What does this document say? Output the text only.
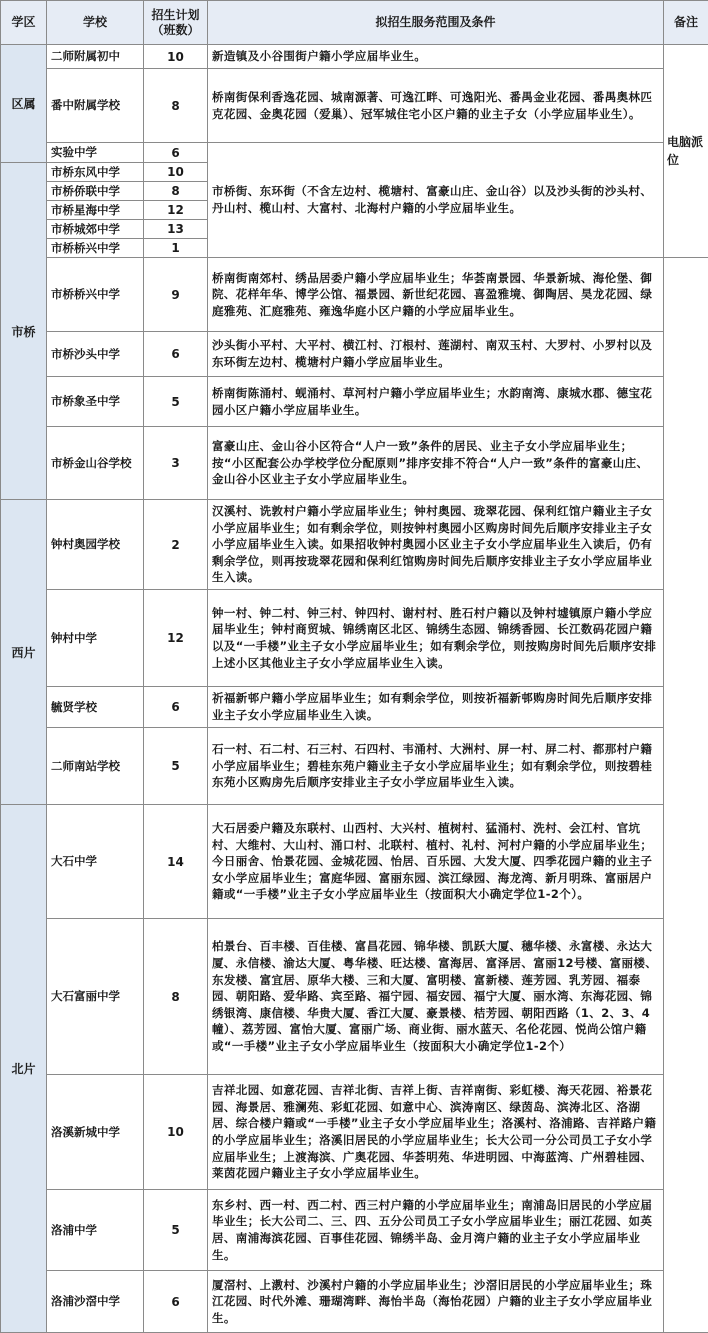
学区	学校	招生计划（班数）	拟招生服务范围及条件	备注
区属	二师附属初中	10	新造镇及小谷围街户籍小学应届毕业生。	电脑派位
	番中附属学校	8	桥南街保利香逸花园、城南源著、可逸江畔、可逸阳光、番禺金业花园、番禺奥林匹克花园、金奥花园（爱巢）、冠军城住宅小区户籍的业主子女（小学应届毕业生）。	
	实验中学	6	市桥街、东环街（不含左边村、榄塘村、富豪山庄、金山谷）以及沙头街的沙头村、丹山村、榄山村、大富村、北海村户籍的小学应届毕业生。	
市桥	市桥东风中学	10		
	市桥侨联中学	8		
	市桥星海中学	12		
	市桥城郊中学	13		
	市桥桥兴中学	1		
	市桥桥兴中学	9	桥南街南郊村、绣品居委户籍小学应届毕业生；华荟南景园、华景新城、海伦堡、御院、花样年华、博学公馆、福景园、新世纪花园、喜盈雅境、御陶居、昊龙花园、绿庭雅苑、汇庭雅苑、雍逸华庭小区户籍的小学应届毕业生。	
	市桥沙头中学	6	沙头街小平村、大平村、横江村、汀根村、莲湖村、南双玉村、大罗村、小罗村以及东环街左边村、榄塘村户籍小学应届毕业生。	
	市桥象圣中学	5	桥南街陈涌村、蚬涌村、草河村户籍小学应届毕业生；水韵南湾、康城水郡、德宝花园小区户籍小学应届毕业生。	
	市桥金山谷学校	3	富豪山庄、金山谷小区符合“人户一致”条件的居民、业主子女小学应届毕业生；按“小区配套公办学校学位分配原则”排序安排不符合“人户一致”条件的富豪山庄、金山谷小区业主子女小学应届毕业生。	
西片	钟村奥园学校	2	汉溪村、诜敦村户籍小学应届毕业生；钟村奥园、珑翠花园、保利红馆户籍业主子女小学应届毕业生；如有剩余学位，则按钟村奥园小区购房时间先后顺序安排业主子女小学应届毕业生入读。如果招收钟村奥园小区业主子女小学应届毕业生入读后，仍有剩余学位，则再按珑翠花园和保利红馆购房时间先后顺序安排业主子女小学应届毕业生入读。	
	钟村中学	12	钟一村、钟二村、钟三村、钟四村、谢村村、胜石村户籍以及钟村墟镇原户籍小学应届毕业生；钟村商贸城、锦绣南区北区、锦绣生态园、锦绣香园、长江数码花园户籍以及“一手楼”业主子女小学应届毕业生；如有剩余学位，则按购房时间先后顺序安排上述小区其他业主子女小学应届毕业生入读。	
	毓贤学校	6	祈福新邨户籍小学应届毕业生；如有剩余学位，则按祈福新邨购房时间先后顺序安排业主子女小学应届毕业生入读。	
	二师南站学校	5	石一村、石二村、石三村、石四村、韦涌村、大洲村、屏一村、屏二村、都那村户籍小学应届毕业生；碧桂东苑户籍业主子女小学应届毕业生；如有剩余学位，则按碧桂东苑小区购房先后顺序安排业主子女小学应届毕业生入读。	
北片	大石中学	14	大石居委户籍及东联村、山西村、大兴村、植树村、猛涌村、洗村、会江村、官坑村、大维村、大山村、涌口村、北联村、植村、礼村、河村户籍的小学应届毕业生；今日丽舍、怡景花园、金城花园、怡居、百乐园、大发大厦、四季花园户籍的业主子女小学应届毕业生；富庭华园、富丽东园、滨江绿园、海龙湾、新月明珠、富丽居户籍或“一手楼”业主子女小学应届毕业生（按面积大小确定学位1-2个）。	
	大石富丽中学	8	柏景台、百丰楼、百佳楼、富昌花园、锦华楼、凯跃大厦、穗华楼、永富楼、永达大厦、永信楼、渝达大厦、粤华楼、旺达楼、富海居、富泽居、富丽12号楼、富丽楼、东发楼、富宜居、原华大楼、三和大厦、富明楼、富新楼、莲芳园、乳芳园、福泰园、朝阳路、爱华路、宾至路、福宁园、福安园、福宁大厦、丽水湾、东海花园、锦绣银湾、康信楼、华贵大厦、香江大厦、豪景楼、桔芳园、朝阳西路（1、2、3、4幢）、荔芳园、富怡大厦、富丽广场、商业街、丽水蓝天、名伦花园、悦尚公馆户籍或“一手楼”业主子女小学应届毕业生（按面积大小确定学位1-2个）	
	洛溪新城中学	10	吉祥北园、如意花园、吉祥北街、吉祥上街、吉祥南街、彩虹楼、海天花园、裕景花园、海景居、雅澜苑、彩虹花园、如意中心、滨涛南区、绿茵岛、滨涛北区、洛湖居、综合楼户籍或“一手楼”业主子女小学应届毕业生；洛溪村、洛浦路、吉祥路户籍的小学应届毕业生；洛溪旧居民的小学应届毕业生；长大公司一分公司员工子女小学应届毕业生；上渡海滨、广奥花园、华荟明苑、华进明园、中海蓝湾、广州碧桂园、莱茵花园户籍业主子女小学应届毕业生。	
	洛浦中学	5	东乡村、西一村、西二村、西三村户籍的小学应届毕业生；南浦岛旧居民的小学应届毕业生；长大公司二、三、四、五分公司员工子女小学应届毕业生；丽江花园、如英居、南浦海滨花园、百事佳花园、锦绣半岛、金月湾户籍的业主子女小学应届毕业生。	
	洛浦沙滘中学	6	厦滘村、上漖村、沙溪村户籍的小学应届毕业生；沙滘旧居民的小学应届毕业生；珠江花园、时代外滩、珊瑚湾畔、海怡半岛（海怡花园）户籍的业主子女小学应届毕业生。	
